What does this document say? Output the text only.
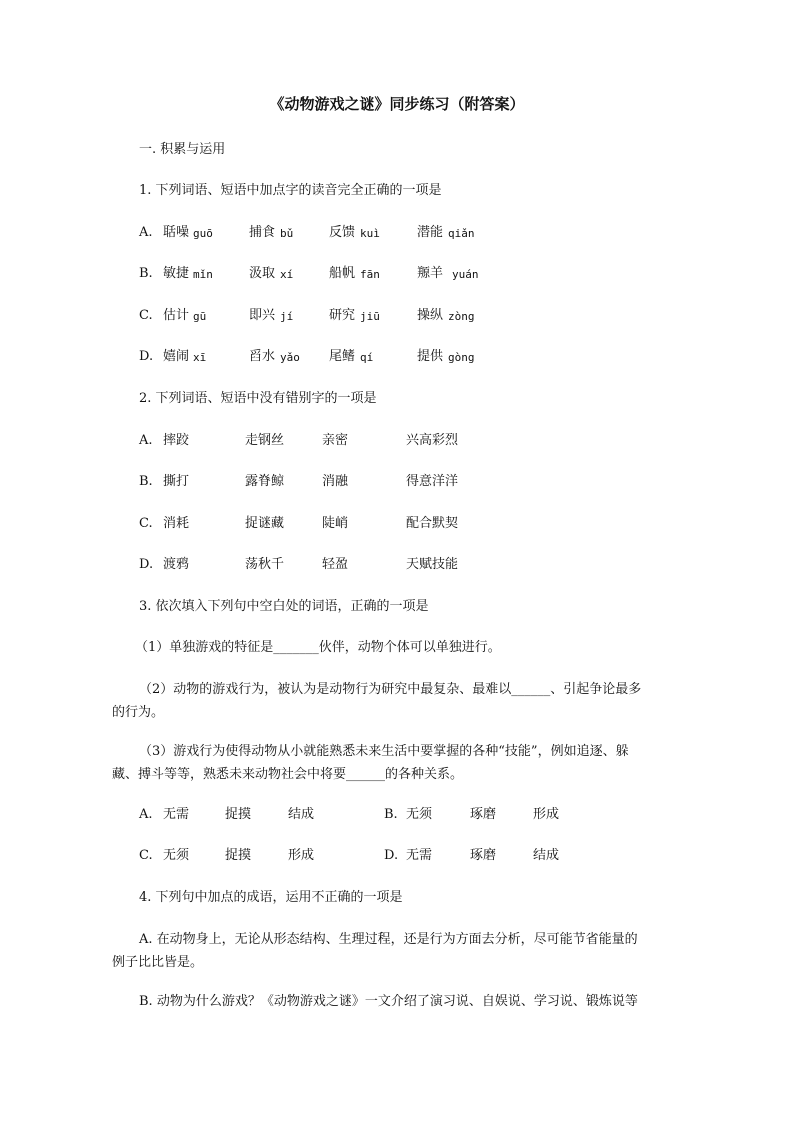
《动物游戏之谜》同步练习（附答案）
一. 积累与运用
1. 下列词语、短语中加点字的读音完全正确的一项是
A. 聒噪 guō	捕食 bǔ	反馈 kuì	潜能 qiǎn
B. 敏捷 mǐn	汲取 xí	船帆 fān	羱羊 yuán
C. 估计 gū	即兴 jí	研究 jiū	操纵 zòng
D. 嬉闹 xī	舀水 yǎo 尾鳍 qí	提供 gòng
2. 下列词语、短语中没有错别字的一项是
A. 摔跤	走钢丝	亲密	兴高彩烈
B. 撕打	露脊鲸	消融	得意洋洋
C. 消耗	捉谜藏	陡峭	配合默契
D. 渡鸦	荡秋千	轻盈	天赋技能
3. 依次填入下列句中空白处的词语，正确的一项是
（1）单独游戏的特征是_______伙伴，动物个体可以单独进行。
（2）动物的游戏行为，被认为是动物行为研究中最复杂、最难以______、引起争论最多
的行为。
（3）游戏行为使得动物从小就能熟悉未来生活中要掌握的各种“技能”，例如追逐、躲
藏、搏斗等等，熟悉未来动物社会中将要______的各种关系。
A. 无需	捉摸	结成	B. 无须	琢磨	形成
C. 无须	捉摸	形成	D. 无需	琢磨	结成
4. 下列句中加点的成语，运用不正确的一项是
A. 在动物身上，无论从形态结构、生理过程，还是行为方面去分析，尽可能节省能量的
例子比比皆是。
B. 动物为什么游戏？《动物游戏之谜》一文介绍了演习说、自娱说、学习说、锻炼说等
